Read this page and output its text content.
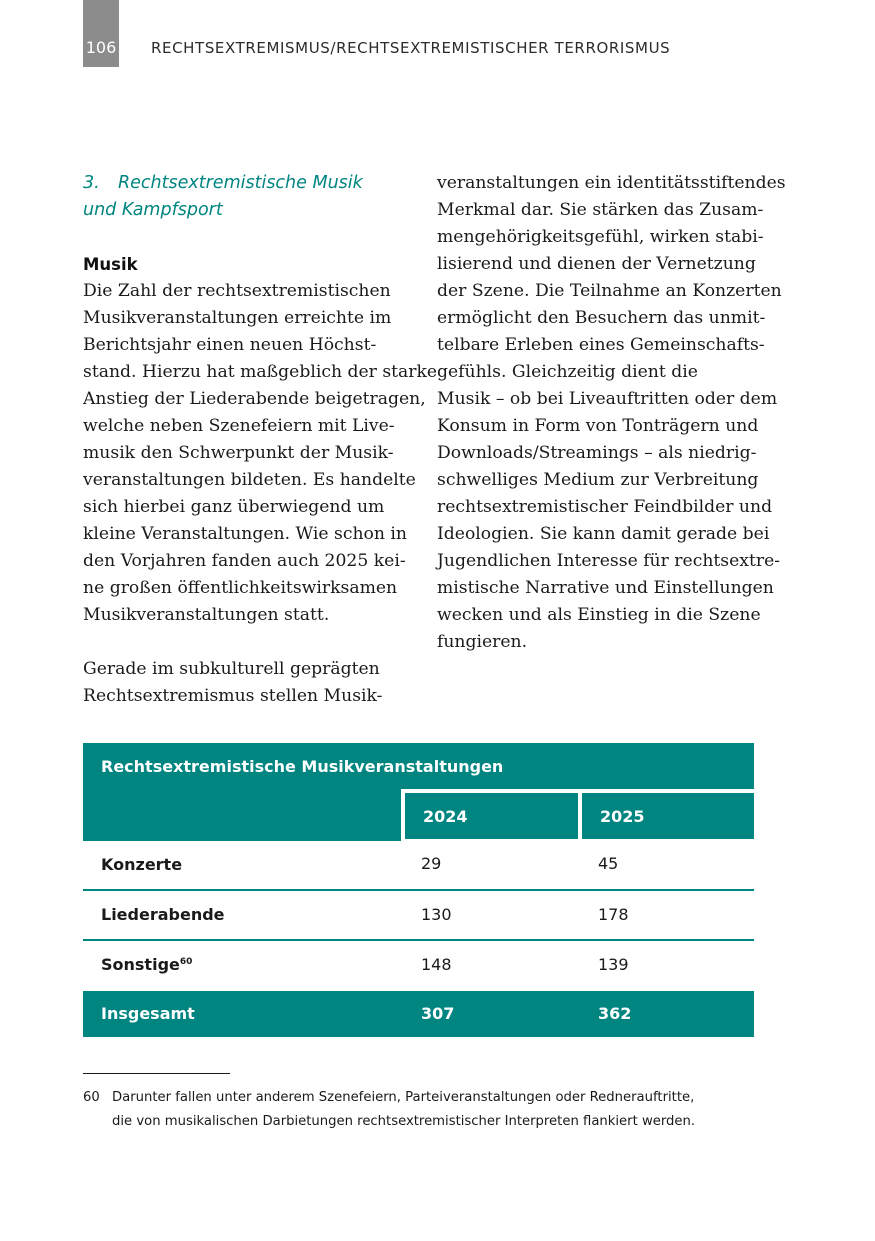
106 RECHTSEXTREMISMUS/RECHTSEXTREMISTISCHER TERRORISMUS
3. Rechtsextremistische Musik
und Kampfsport
Musik
Die Zahl der rechtsextremistischen
Musikveranstaltungen erreichte im
Berichtsjahr einen neuen Höchst-
stand. Hierzu hat maßgeblich der starke
Anstieg der Liederabende beigetragen,
welche neben Szenefeiern mit Live-
musik den Schwerpunkt der Musik-
veranstaltungen bildeten. Es handelte
sich hierbei ganz überwiegend um
kleine Veranstaltungen. Wie schon in
den Vorjahren fanden auch 2025 kei-
ne großen öffentlichkeitswirksamen
Musikveranstaltungen statt.
Gerade im subkulturell geprägten
Rechtsextremismus stellen Musik-
veranstaltungen ein identitätsstiftendes
Merkmal dar. Sie stärken das Zusam-
mengehörigkeitsgefühl, wirken stabi-
lisierend und dienen der Vernetzung
der Szene. Die Teilnahme an Konzerten
ermöglicht den Besuchern das unmit-
telbare Erleben eines Gemeinschafts-
gefühls. Gleichzeitig dient die
Musik – ob bei Liveauftritten oder dem
Konsum in Form von Tonträgern und
Downloads/Streamings – als niedrig-
schwelliges Medium zur Verbreitung
rechtsextremistischer Feindbilder und
Ideologien. Sie kann damit gerade bei
Jugendlichen Interesse für rechtsextre-
mistische Narrative und Einstellungen
wecken und als Einstieg in die Szene
fungieren.
Rechtsextremistische Musikveranstaltungen		
	2024	2025
Konzerte	29	45
Liederabende	130	178
Sonstige$^{60}$	148	139
Insgesamt	307	362
60 Darunter fallen unter anderem Szenefeiern, Parteiveranstaltungen oder Rednerauftritte,
die von musikalischen Darbietungen rechtsextremistischer Interpreten flankiert werden.
